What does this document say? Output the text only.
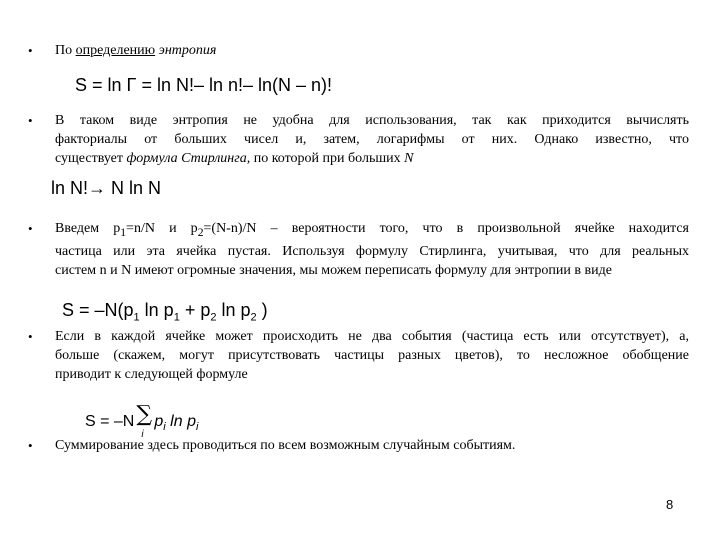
• По определению энтропия
S = ln Γ = ln N!– ln n!– ln(N – n)!
• В таком виде энтропия не удобна для использования, так как приходится вычислять
факториалы от больших чисел и, затем, логарифмы от них. Однако известно, что
существует формула Стирлинга, по которой при больших N
ln N!→ N ln N
• Введем $p_1=n/N$ и $p_2=(N-n)/N$ – вероятности того, что в произвольной ячейке находится
частица или эта ячейка пустая. Используя формулу Стирлинга, учитывая, что для реальных
систем n и N имеют огромные значения, мы можем переписать формулу для энтропии в виде
$S = -N(p_1$ $\ln p_1 + p_2$ $\ln p_2$ )
• Если в каждой ячейке может происходить не два события (частица есть или отсутствует), а,
больше (скажем, могут присутствовать частицы разных цветов), то несложное обобщение
приводит к следующей формуле
S = –N ∑
i
$p_i$ $\ln p_i$
• Суммирование здесь проводиться по всем возможным случайным событиям.
8
